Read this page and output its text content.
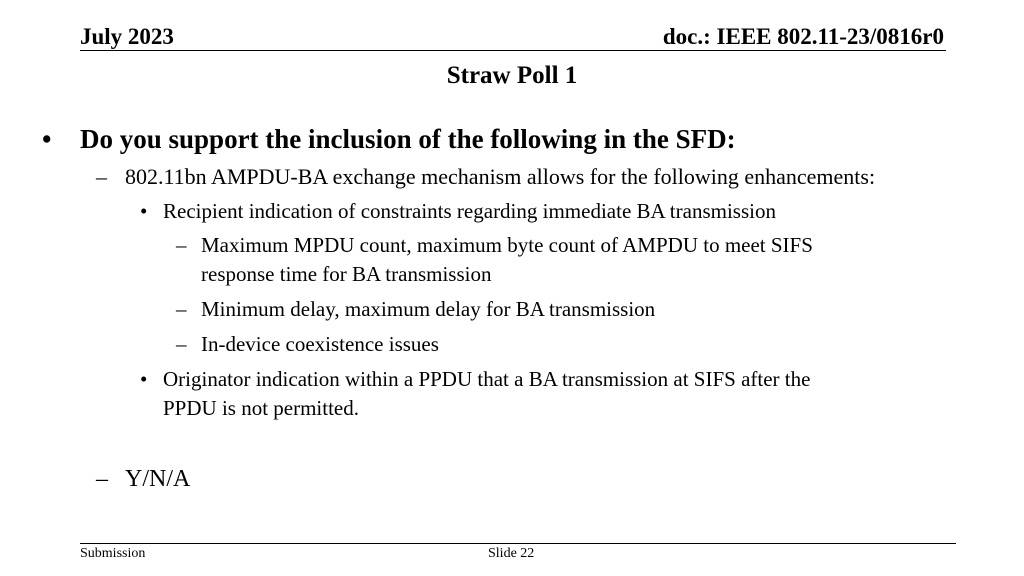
July 2023	doc.: IEEE 802.11-23/0816r0
Straw Poll 1
• Do you support the inclusion of the following in the SFD:
– 802.11bn AMPDU-BA exchange mechanism allows for the following enhancements:
• Recipient indication of constraints regarding immediate BA transmission
– Maximum MPDU count, maximum byte count of AMPDU to meet SIFS
response time for BA transmission
– Minimum delay, maximum delay for BA transmission
– In-device coexistence issues
• Originator indication within a PPDU that a BA transmission at SIFS after the
PPDU is not permitted.
– Y/N/A
Submission	Slide 22
